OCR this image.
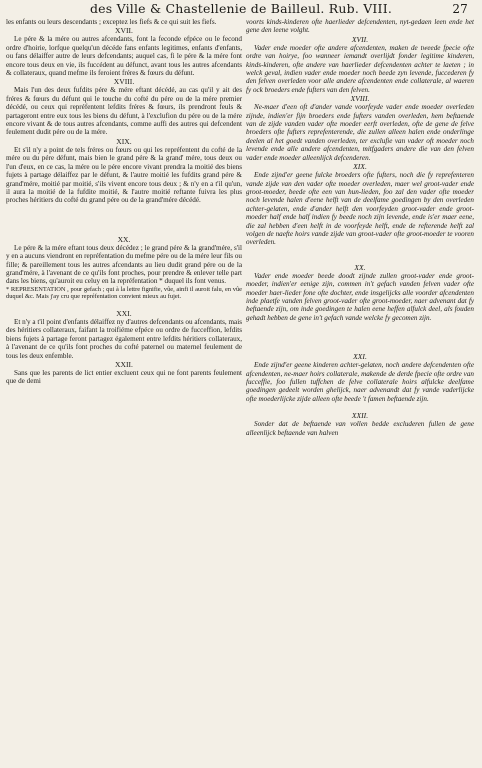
des Ville & Chastellenie de Bailleul. Rub. VIII.	27

les enfants ou leurs descendants ; exceptez les fiefs & ce qui suit les fiefs.

XVII.

Le pére & la mére ou autres afcendants, font la feconde efpéce ou le fecond ordre d'hoirie, lorfque quelqu'un décéde fans enfants legitimes, enfants d'enfants, ou fans délaiffer autre de leurs defcendants; auquel cas, fi le pére & la mére font encore tous deux en vie, ils fuccédent au défunct, avant tous les autres afcendants & collateraux, quand mefme ils feroient fréres & fœurs du défunt.

XVIII.

Mais l'un des deux fufdits pére & mére eftant décédé, au cas qu'il y ait des fréres & fœurs du défunt qui le touche du cofté du pére ou de la mére premier décédé, ou ceux qui repréfentent lefdits fréres & fœurs, ils prendront feuls & partageront entre eux tous les biens du défunt, à l'exclufion du pére ou de la mére encore vivant & de tous autres afcendants, comme auffi des autres qui defcendent feulement dudit pére ou de la mére.

XIX.

Et s'il n'y a point de tels fréres ou fœurs ou qui les repréfentent du cofté de la mére ou du pére défunt, mais bien le grand pére & la grand' mére, tous deux ou l'un d'eux, en ce cas, la mére ou le pére encore vivant prendra la moitié des biens fujets à partage délaiffez par le défunt, & l'autre moitié les fufdits grand pére & grand'mére, moitié par moitié, s'ils vivent encore tous deux ; & n'y en a t'il qu'un, il aura la moitié de la fufdite moitié, & l'autre moitié reftante fuivra les plus proches héritiers du cofté du grand pére ou de la grand'mére décédé.

XX.

Le pére & la mére eftant tous deux décédez ; le grand pére & la grand'mére, s'il y en a aucuns viendront en repréfentation du mefme pére ou de la mére leur fils ou fille; & pareillement tous les autres afcendants au lieu dudit grand pére ou de la grand'mére, à l'avenant de ce qu'ils font proches, pour prendre & enlever telle part dans les biens, qu'auroit eu celuy en la repréfentation * duquel ils font venus.

* REPRESENTATION , pour gefach ; qui à la lettre fignifie, vûe, ainfi il auroit falu, en vûe duquel &c. Mais j'ay cru que repréfentation convient mieux au fujet.

XXI.

Et n'y a t'il point d'enfants délaiffez ny d'autres defcendants ou afcendants, mais des héritiers collateraux, faifant la troifiéme efpéce ou ordre de fucceffion, lefdits biens fujets à partage feront partagez également entre lefdits héritiers collateraux, à l'avenant de ce qu'ils font proches du cofté paternel ou maternel feulement de tous les deux enfemble.

XXII.

Sans que les parents de lict entier excluent ceux qui ne font parents feulement que de demi

voorts kinds-kinderen ofte haerlieder defcendenten, nyt-gedaen leen ende het gene den leene volght.

XVII.

Vader ende moeder ofte andere afcendenten, maken de tweede fpecie ofte ordre van hoirye, foo wanneer iemandt overlijdt fonder legitime kinderen, kinds-kinderen, ofte andere van haerlieder defcendenten achter te laeten ; in welck geval, indien vader ende moeder noch beede zyn levende, fuccederen fy den felven overleden voor alle andere afcendenten ende collaterale, al waeren fy ock broeders ende fufters van den felven.

XVIII.

Ne-maer d'een oft d'ander vande voorfeyde vader ende moeder overleden zijnde, indien'er fijn broeders ende fufters vanden overleden, hem beftaende van de zijde vanden vader ofte moeder eerft overleden, ofte de gene de felve broeders ofte fufters reprefenterende, die zullen alleen halen ende onderlinge deelen al het goedt vanden overleden, ter exclufie van vader oft moeder noch levende ende alle andere afcendenten, mitfgaders andere die van den felven vader ende moeder alleenlijck defcenderen.

XIX.

Ende zijnd'er geene fulcke broeders ofte fufters, noch die fy reprefenteren vande zijde van den vader ofte moeder overleden, maer wel groot-vader ende groot-moeder, beede ofte een van hun-lieden, foo zal den vader ofte moeder noch levende halen d'eene helft van de deelfame goedingen by den overleden achter-gelaten, ende d'ander helft den voorfeyden groot-vader ende groot-moeder half ende half indien fy beede noch zijn levende, ende is'er maer eene, die zal hebben d'een helft in de voorfeyde helft, ende de refterende helft zal volgen de naefte hoirs vande zijde van groot-vader ofte groot-moeder te vooren overleden.

XX.

Vader ende moeder beede doodt zijnde zullen groot-vader ende groot-moeder, indien'er eenige zijn, commen in't gefach vanden felven vader ofte moeder haer-lieder fone ofte dochter, ende insgelijcks alle voorder afcendenten inde plaetfe vanden felven groot-vader ofte groot-moeder, naer advenant dat fy beftaende zijn, om inde goedingen te halen eene heffen alfulck deel, als fouden gehadt hebben de gene in't gefach vande welcke fy gecomen zijn.

XXI.

Ende zijnd'er geene kinderen achter-gelaten, noch andere defcendenten ofte afcendenten, ne-maer hoirs collaterale, makende de derde fpecie ofte ordre van fucceffie, foo fullen tuffchen de felve collaterale hoirs alfulcke deelfame goedingen gedeelt worden ghelijck, naer advenandt dat fy vande vaderlijcke ofte moederlijcke zijde alleen ofte beede 't famen beftaende zijn.

XXII.

Sonder dat de beftaende van vollen bedde excluderen fullen de gene alleenlijck beftaende van halven
